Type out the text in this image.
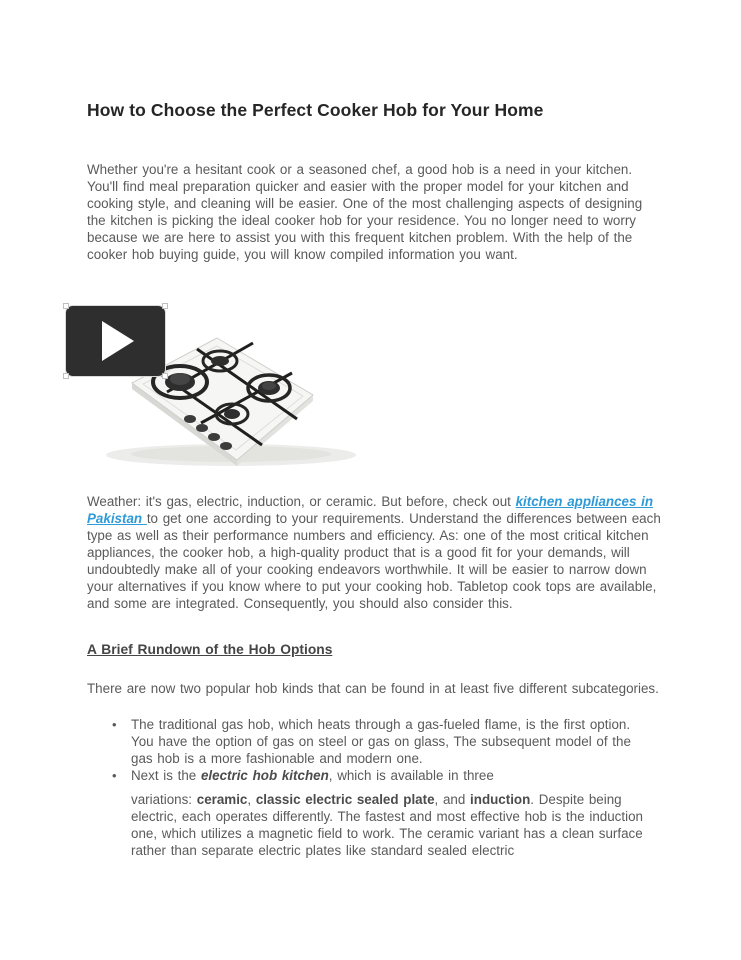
How to Choose the Perfect Cooker Hob for Your Home

Whether you're a hesitant cook or a seasoned chef, a good hob is a need in your kitchen. You'll find meal preparation quicker and easier with the proper model for your kitchen and cooking style, and cleaning will be easier. One of the most challenging aspects of designing the kitchen is picking the ideal cooker hob for your residence. You no longer need to worry because we are here to assist you with this frequent kitchen problem. With the help of the cooker hob buying guide, you will know compiled information you want.

Weather: it's gas, electric, induction, or ceramic. But before, check out kitchen appliances in Pakistan to get one according to your requirements. Understand the differences between each type as well as their performance numbers and efficiency. As: one of the most critical kitchen appliances, the cooker hob, a high-quality product that is a good fit for your demands, will undoubtedly make all of your cooking endeavors worthwhile. It will be easier to narrow down your alternatives if you know where to put your cooking hob. Tabletop cook tops are available, and some are integrated. Consequently, you should also consider this.

A Brief Rundown of the Hob Options

There are now two popular hob kinds that can be found in at least five different subcategories.

• The traditional gas hob, which heats through a gas-fueled flame, is the first option. You have the option of gas on steel or gas on glass, The subsequent model of the gas hob is a more fashionable and modern one.
• Next is the electric hob kitchen, which is available in three
variations: ceramic, classic electric sealed plate, and induction. Despite being electric, each operates differently. The fastest and most effective hob is the induction one, which utilizes a magnetic field to work. The ceramic variant has a clean surface rather than separate electric plates like standard sealed electric
